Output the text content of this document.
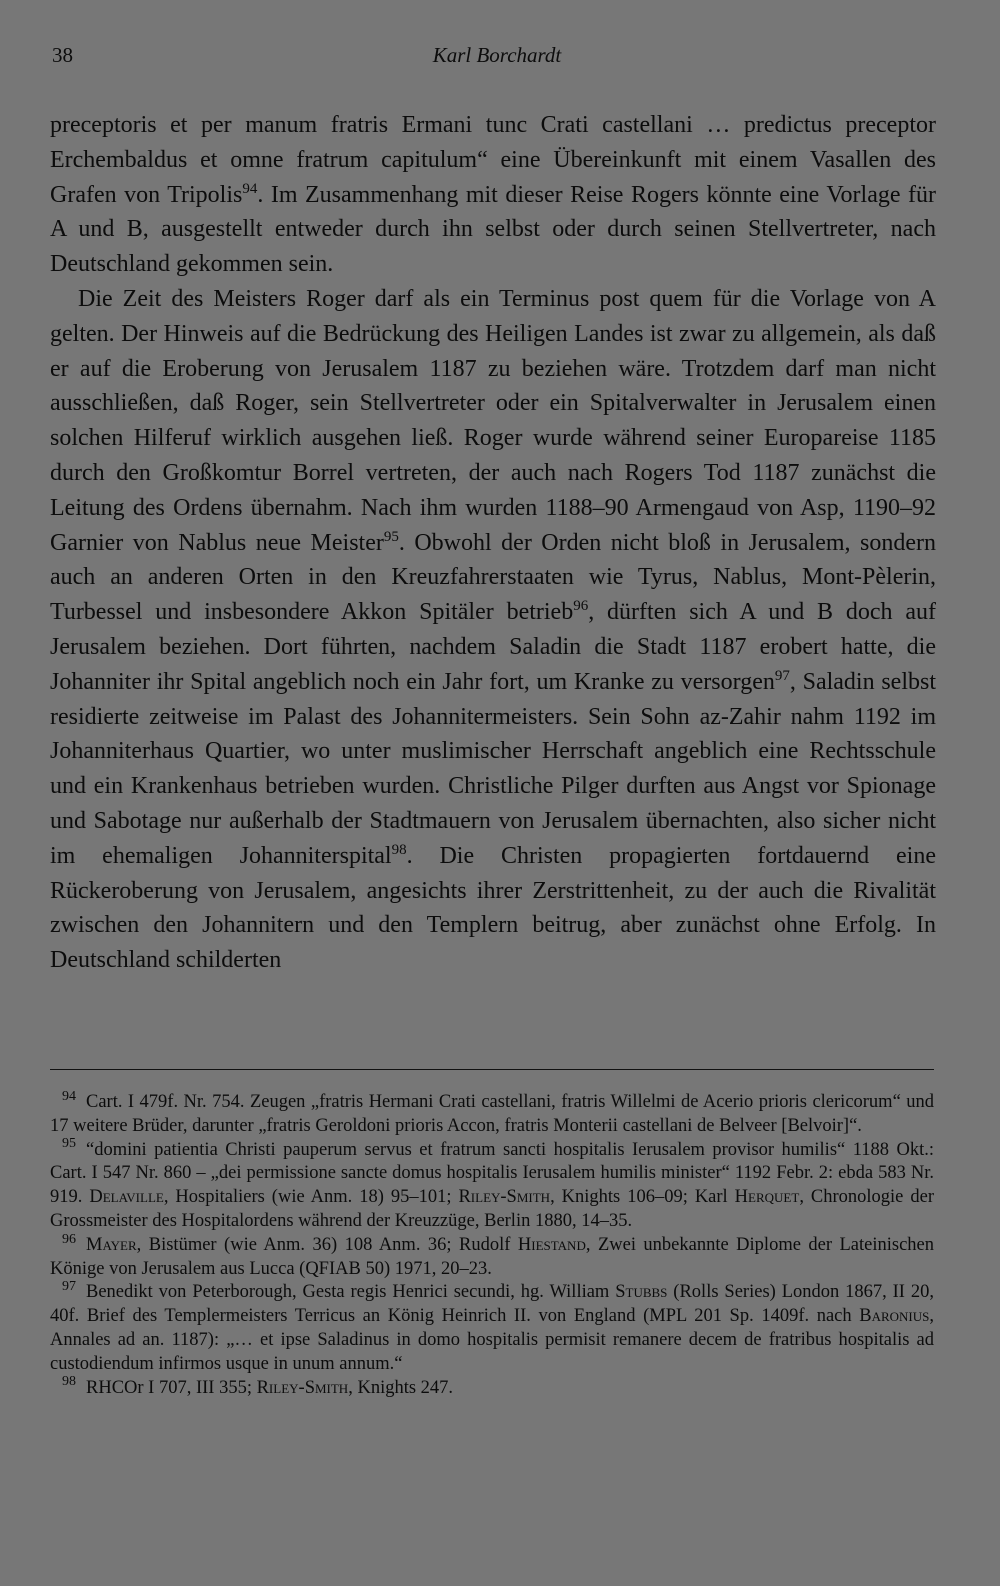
38	Karl Borchardt

preceptoris et per manum fratris Ermani tunc Crati castellani … predictus preceptor Erchembaldus et omne fratrum capitulum“ eine Übereinkunft mit einem Vasallen des Grafen von Tripolis$^{94}$. Im Zusammenhang mit dieser Reise Rogers könnte eine Vorlage für A und B, ausgestellt entweder durch ihn selbst oder durch seinen Stellvertreter, nach Deutschland gekommen sein.

Die Zeit des Meisters Roger darf als ein Terminus post quem für die Vorlage von A gelten. Der Hinweis auf die Bedrückung des Heiligen Landes ist zwar zu allgemein, als daß er auf die Eroberung von Jerusalem 1187 zu beziehen wäre. Trotzdem darf man nicht ausschließen, daß Roger, sein Stellvertreter oder ein Spitalverwalter in Jerusalem einen solchen Hilferuf wirklich ausgehen ließ. Roger wurde während seiner Europareise 1185 durch den Großkomtur Borrel vertreten, der auch nach Rogers Tod 1187 zunächst die Leitung des Ordens übernahm. Nach ihm wurden 1188–90 Armengaud von Asp, 1190–92 Garnier von Nablus neue Meister$^{95}$. Obwohl der Orden nicht bloß in Jerusalem, sondern auch an anderen Orten in den Kreuzfahrerstaaten wie Tyrus, Nablus, Mont-Pèlerin, Turbessel und insbesondere Akkon Spitäler betrieb$^{96}$, dürften sich A und B doch auf Jerusalem beziehen. Dort führten, nachdem Saladin die Stadt 1187 erobert hatte, die Johanniter ihr Spital angeblich noch ein Jahr fort, um Kranke zu versorgen$^{97}$, Saladin selbst residierte zeitweise im Palast des Johannitermeisters. Sein Sohn az-Zahir nahm 1192 im Johanniterhaus Quartier, wo unter muslimischer Herrschaft angeblich eine Rechtsschule und ein Krankenhaus betrieben wurden. Christliche Pilger durften aus Angst vor Spionage und Sabotage nur außerhalb der Stadtmauern von Jerusalem übernachten, also sicher nicht im ehemaligen Johanniterspital$^{98}$. Die Christen propagierten fortdauernd eine Rückeroberung von Jerusalem, angesichts ihrer Zerstrittenheit, zu der auch die Rivalität zwischen den Johannitern und den Templern beitrug, aber zunächst ohne Erfolg. In Deutschland schilderten

$^{94}$ Cart. I 479f. Nr. 754. Zeugen „fratris Hermani Crati castellani, fratris Willelmi de Acerio prioris clericorum“ und 17 weitere Brüder, darunter „fratris Geroldoni prioris Accon, fratris Monterii castellani de Belveer [Belvoir]“.

$^{95}$ “domini patientia Christi pauperum servus et fratrum sancti hospitalis Ierusalem provisor humilis“ 1188 Okt.: Cart. I 547 Nr. 860 – „dei permissione sancte domus hospitalis Ierusalem humilis minister“ 1192 Febr. 2: ebda 583 Nr. 919. Delaville, Hospitaliers (wie Anm. 18) 95–101; Riley-Smith, Knights 106–09; Karl Herquet, Chronologie der Grossmeister des Hospitalordens während der Kreuzzüge, Berlin 1880, 14–35.

$^{96}$ Mayer, Bistümer (wie Anm. 36) 108 Anm. 36; Rudolf Hiestand, Zwei unbekannte Diplome der Lateinischen Könige von Jerusalem aus Lucca (QFIAB 50) 1971, 20–23.

$^{97}$ Benedikt von Peterborough, Gesta regis Henrici secundi, hg. William Stubbs (Rolls Series) London 1867, II 20, 40f. Brief des Templermeisters Terricus an König Heinrich II. von England (MPL 201 Sp. 1409f. nach Baronius, Annales ad an. 1187): „… et ipse Saladinus in domo hospitalis permisit remanere decem de fratribus hospitalis ad custodiendum infirmos usque in unum annum.“

$^{98}$ RHCOr I 707, III 355; Riley-Smith, Knights 247.
